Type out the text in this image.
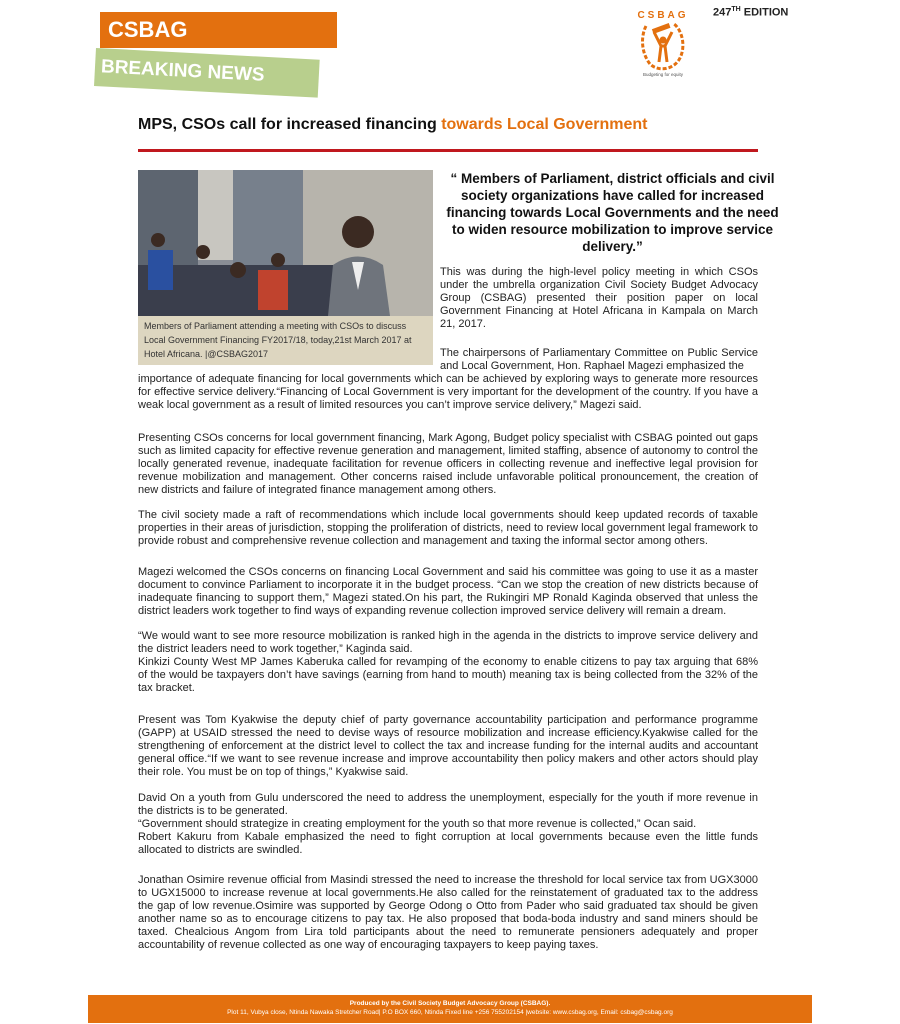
CSBAG
BREAKING NEWS
CSBAG
Budgeting for equity
247TH EDITION
MPS, CSOs call for increased financing towards Local Government
Members of Parliament attending a meeting with CSOs to discuss Local Government Financing FY2017/18, today,21st March 2017 at Hotel Africana. |@CSBAG2017
“ Members of Parliament, district officials and civil society organizations have called for increased financing towards Local Governments and the need to widen resource mobilization to improve service delivery.”
This was during the high-level policy meeting in which CSOs under the umbrella organization Civil Society Budget Advocacy Group (CSBAG) presented their position paper on local Government Financing at Hotel Africana in Kampala on March 21, 2017.
The chairpersons of Parliamentary Committee on Public Service and Local Government, Hon. Raphael Magezi emphasized the
importance of adequate financing for local governments which can be achieved by exploring ways to generate more resources for effective service delivery.“Financing of Local Government is very important for the development of the country. If you have a weak local government as a result of limited resources you can’t improve service delivery,” Magezi said.
Presenting CSOs concerns for local government financing, Mark Agong, Budget policy specialist with CSBAG pointed out gaps such as limited capacity for effective revenue generation and management, limited staffing, absence of autonomy to control the locally generated revenue, inadequate facilitation for revenue officers in collecting revenue and ineffective legal provision for revenue mobilization and management. Other concerns raised include unfavorable political pronouncement, the creation of new districts and failure of integrated finance management among others.
The civil society made a raft of recommendations which include local governments should keep updated records of taxable properties in their areas of jurisdiction, stopping the proliferation of districts, need to review local government legal framework to provide robust and comprehensive revenue collection and management and taxing the informal sector among others.
Magezi welcomed the CSOs concerns on financing Local Government and said his committee was going to use it as a master document to convince Parliament to incorporate it in the budget process. “Can we stop the creation of new districts because of inadequate financing to support them,” Magezi stated.On his part, the Rukingiri MP Ronald Kaginda observed that unless the district leaders work together to find ways of expanding revenue collection improved service delivery will remain a dream.
“We would want to see more resource mobilization is ranked high in the agenda in the districts to improve service delivery and the district leaders need to work together,” Kaginda said.
Kinkizi County West MP James Kaberuka called for revamping of the economy to enable citizens to pay tax arguing that 68% of the would be taxpayers don’t have savings (earning from hand to mouth) meaning tax is being collected from the 32% of the tax bracket.
Present was Tom Kyakwise the deputy chief of party governance accountability participation and performance programme (GAPP) at USAID stressed the need to devise ways of resource mobilization and increase efficiency.Kyakwise called for the strengthening of enforcement at the district level to collect the tax and increase funding for the internal audits and accountant general office.“If we want to see revenue increase and improve accountability then policy makers and other actors should play their role. You must be on top of things,” Kyakwise said.
David On a youth from Gulu underscored the need to address the unemployment, especially for the youth if more revenue in the districts is to be generated.
“Government should strategize in creating employment for the youth so that more revenue is collected,” Ocan said.
Robert Kakuru from Kabale emphasized the need to fight corruption at local governments because even the little funds allocated to districts are swindled.
Jonathan Osimire revenue official from Masindi stressed the need to increase the threshold for local service tax from UGX3000 to UGX15000 to increase revenue at local governments.He also called for the reinstatement of graduated tax to the address the gap of low revenue.Osimire was supported by George Odong o Otto from Pader who said graduated tax should be given another name so as to encourage citizens to pay tax. He also proposed that boda-boda industry and sand miners should be taxed. Chealcious Angom from Lira told participants about the need to remunerate pensioners adequately and proper accountability of revenue collected as one way of encouraging taxpayers to keep paying taxes.
Produced by the Civil Society Budget Advocacy Group (CSBAG).
Plot 11, Vubya close, Ntinda Nawaka Stretcher Road| P.O BOX 660, Ntinda Fixed line +256 755202154 |website: www.csbag.org, Email: csbag@csbag.org
